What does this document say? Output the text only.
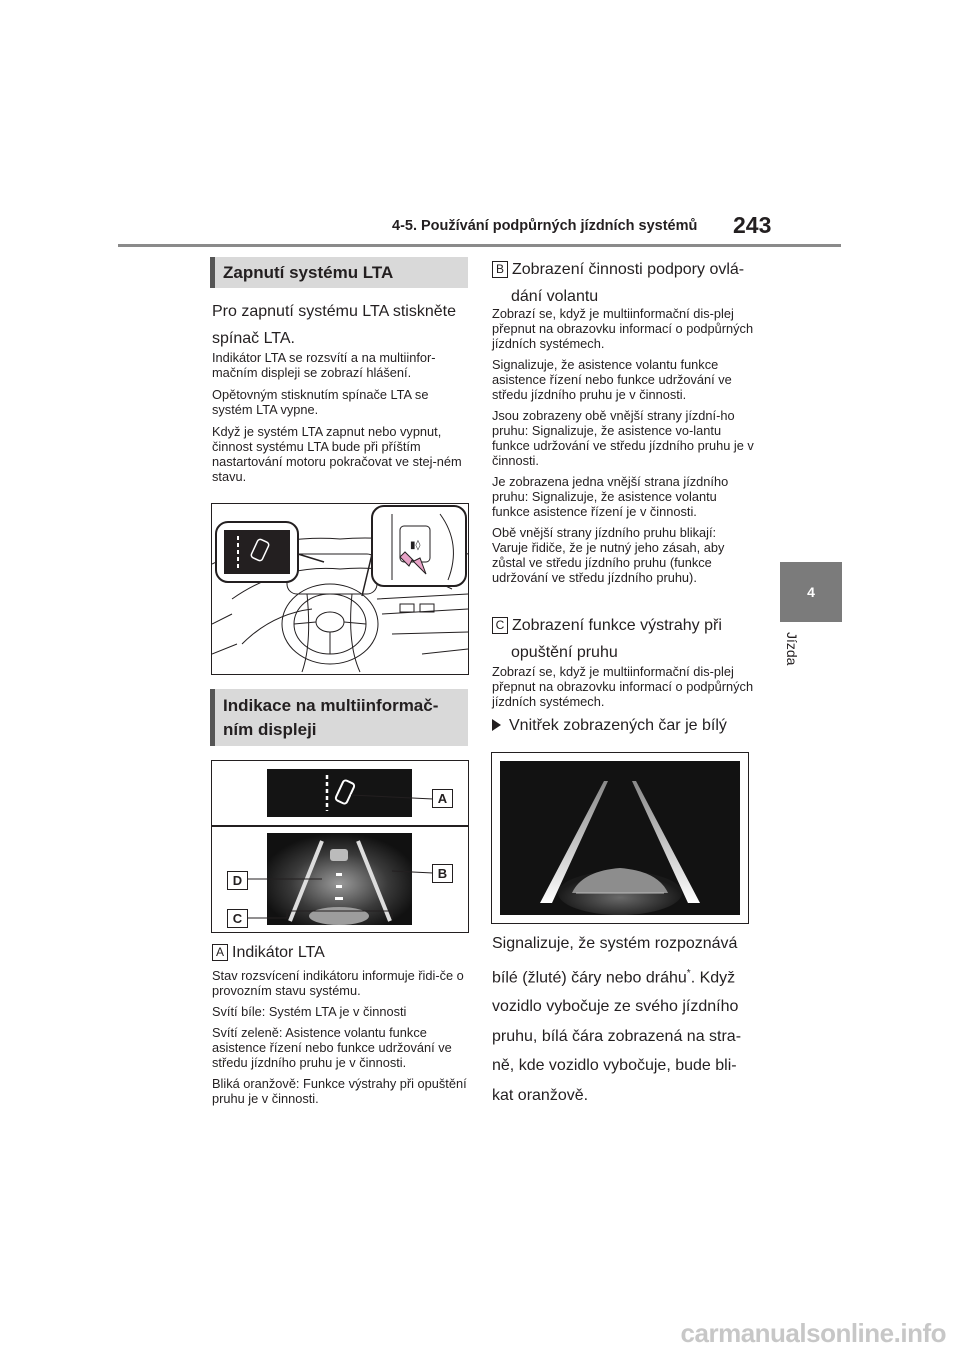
4-5. Používání podpůrných jízdních systémů 243
4
Jízda
Zapnutí systému LTA

Pro zapnutí systému LTA stiskněte

spínač LTA.

Indikátor LTA se rozsvítí a na multiinfor-mačním displeji se zobrazí hlášení.

Opětovným stisknutím spínače LTA se systém LTA vypne.

Když je systém LTA zapnut nebo vypnut, činnost systému LTA bude při příštím nastartování motoru pokračovat ve stej-ném stavu.

▮◊
Indikace na multiinformač-
ním displeji
A
B
D
C
A Indikátor LTA

Stav rozsvícení indikátoru informuje řidi-če o provozním stavu systému.

Svítí bíle: Systém LTA je v činnosti

Svítí zeleně: Asistence volantu funkce asistence řízení nebo funkce udržování ve středu jízdního pruhu je v činnosti.

Bliká oranžově: Funkce výstrahy při opuštění pruhu je v činnosti.

B Zobrazení činnosti podpory ovlá-

dání volantu

Zobrazí se, když je multiinformační dis-plej přepnut na obrazovku informací o podpůrných jízdních systémech.

Signalizuje, že asistence volantu funkce asistence řízení nebo funkce udržování ve středu jízdního pruhu je v činnosti.

Jsou zobrazeny obě vnější strany jízdní-ho pruhu: Signalizuje, že asistence vo-lantu funkce udržování ve středu jízdního pruhu je v činnosti.

Je zobrazena jedna vnější strana jízdního pruhu: Signalizuje, že asistence volantu funkce asistence řízení je v činnosti.

Obě vnější strany jízdního pruhu blikají: Varuje řidiče, že je nutný jeho zásah, aby zůstal ve středu jízdního pruhu (funkce udržování ve středu jízdního pruhu).

C Zobrazení funkce výstrahy při

opuštění pruhu

Zobrazí se, když je multiinformační dis-plej přepnut na obrazovku informací o podpůrných jízdních systémech.

Vnitřek zobrazených čar je bílý

Signalizuje, že systém rozpoznává

bílé (žluté) čáry nebo dráhu*. Když

vozidlo vybočuje ze svého jízdního

pruhu, bílá čára zobrazená na stra-

ně, kde vozidlo vybočuje, bude bli-

kat oranžově.

carmanualsonline.info
